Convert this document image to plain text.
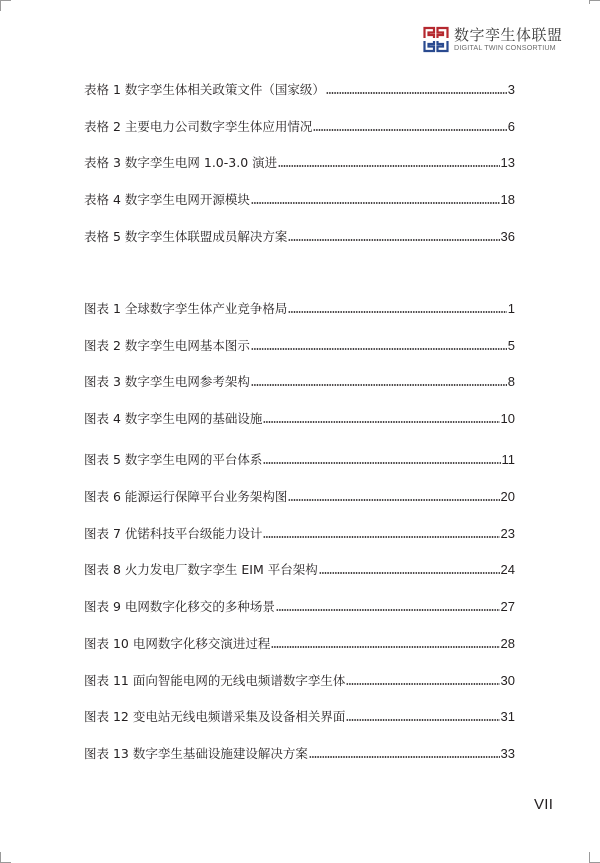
数字孪生体联盟
DIGITAL TWIN CONSORTIUM
表格 1 数字孪生体相关政策文件（国家级）	3
表格 2 主要电力公司数字孪生体应用情况	6
表格 3 数字孪生电网 1.0-3.0 演进	13
表格 4 数字孪生电网开源模块	18
表格 5 数字孪生体联盟成员解决方案	36
图表 1 全球数字孪生体产业竞争格局	1
图表 2 数字孪生电网基本图示	5
图表 3 数字孪生电网参考架构	8
图表 4 数字孪生电网的基础设施	10
图表 5 数字孪生电网的平台体系	11
图表 6 能源运行保障平台业务架构图	20
图表 7 优锘科技平台级能力设计	23
图表 8 火力发电厂数字孪生 EIM 平台架构	24
图表 9 电网数字化移交的多种场景	27
图表 10 电网数字化移交演进过程	28
图表 11 面向智能电网的无线电频谱数字孪生体	30
图表 12 变电站无线电频谱采集及设备相关界面	31
图表 13 数字孪生基础设施建设解决方案	33
VII
